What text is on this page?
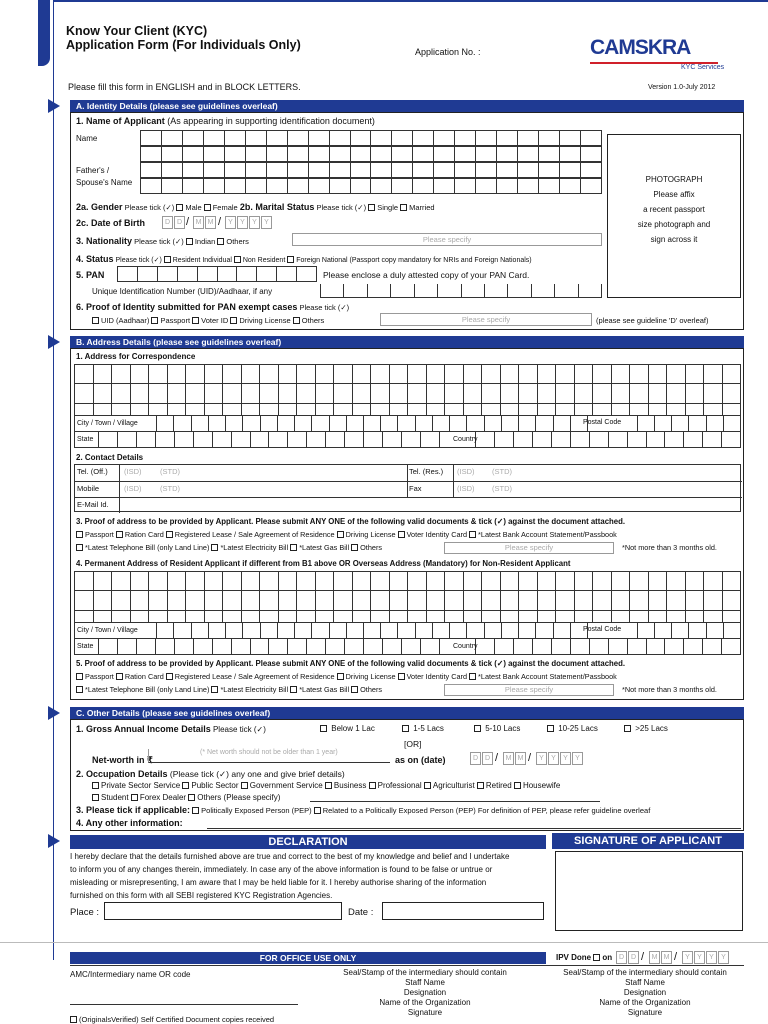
Know Your Client (KYC)
Application Form (For Individuals Only)	Application No. :	CAMSKRA
KYC Services
Please fill this form in ENGLISH and in BLOCK LETTERS.	Version 1.0-July 2012
A. Identity Details (please see guidelines overleaf)
1. Name of Applicant (As appearing in supporting identification document)
Name
Father's /
Spouse's Name	PHOTOGRAPH
Please affix
a recent passport
size photograph and
sign across it
2a. Gender Please tick (✓) Male Female 2b. Marital Status Please tick (✓) Single Married
2c. Date of Birth	D D / M M /	Y	Y	Y	Y
3. Nationality Please tick (✓) Indian Others	Please specify
4. Status Please tick (✓) Resident Individual Non Resident Foreign National (Passport copy mandatory for NRIs and Foreign Nationals)
5. PAN	Please enclose a duly attested copy of your PAN Card.
Unique Identification Number (UID)/Aadhaar, if any
6. Proof of Identity submitted for PAN exempt cases Please tick (✓)
UID (Aadhaar) Passport Voter ID Driving License Others	Please specify	(please see guideline 'D' overleaf)
B. Address Details (please see guidelines overleaf)
1. Address for Correspondence
City / Town / Village	Postal Code
State	Country
2. Contact Details
Tel. (Off.) (ISD) (STD)	Tel. (Res.) (ISD) (STD)
Mobile	(ISD) (STD)	Fax	(ISD) (STD)
E-Mail Id.
3. Proof of address to be provided by Applicant. Please submit ANY ONE of the following valid documents & tick (✓) against the document attached.
Passport Ration Card Registered Lease / Sale Agreement of Residence Driving License Voter Identity Card *Latest Bank Account Statement/Passbook
*Latest Telephone Bill (only Land Line) *Latest Electricity Bill *Latest Gas Bill Others	Please specify	*Not more than 3 months old.
4. Permanent Address of Resident Applicant if different from B1 above OR Overseas Address (Mandatory) for Non-Resident Applicant
City / Town / Village	Postal Code
State	Country
5. Proof of address to be provided by Applicant. Please submit ANY ONE of the following valid documents & tick (✓) against the document attached.
Passport Ration Card Registered Lease / Sale Agreement of Residence Driving License Voter Identity Card *Latest Bank Account Statement/Passbook
*Latest Telephone Bill (only Land Line) *Latest Electricity Bill *Latest Gas Bill Others	Please specify	*Not more than 3 months old.
C. Other Details (please see guidelines overleaf)
1. Gross Annual Income Details Please tick (✓)	Below 1 Lac	1-5 Lacs	5-10 Lacs	10-25 Lacs	>25 Lacs
[OR]
Net-worth in ₹
(* Net worth should not be older than 1 year)
as on (date)	D D /	M M /	Y	Y	Y	Y
2. Occupation Details (Please tick (✓) any one and give brief details)
Private Sector Service Public Sector Government Service Business Professional Agriculturist Retired Housewife
Student Forex Dealer Others (Please specify)
3. Please tick if applicable: Politically Exposed Person (PEP) Related to a Politically Exposed Person (PEP) For definition of PEP, please refer guideline overleaf
4. Any other information:
DECLARATION	SIGNATURE OF APPLICANT
I hereby declare that the details furnished above are true and correct to the best of my knowledge and belief and I undertake
to inform you of any changes therein, immediately. In case any of the above information is found to be false or untrue or
misleading or misrepresenting, I am aware that I may be held liable for it. I hereby authorise sharing of the information
furnished on this form with all SEBI registered KYC Registration Agencies.
Place :	Date :
FOR OFFICE USE ONLY	IPV Done on D D /	M M /	Y	Y	Y	Y
AMC/Intermediary name OR code
(OriginalsVerified) Self Certified Document copies received
Seal/Stamp of the intermediary should contain
Staff Name
Designation
Name of the Organization
Signature
Seal/Stamp of the intermediary should contain
Staff Name
Designation
Name of the Organization
Signature
